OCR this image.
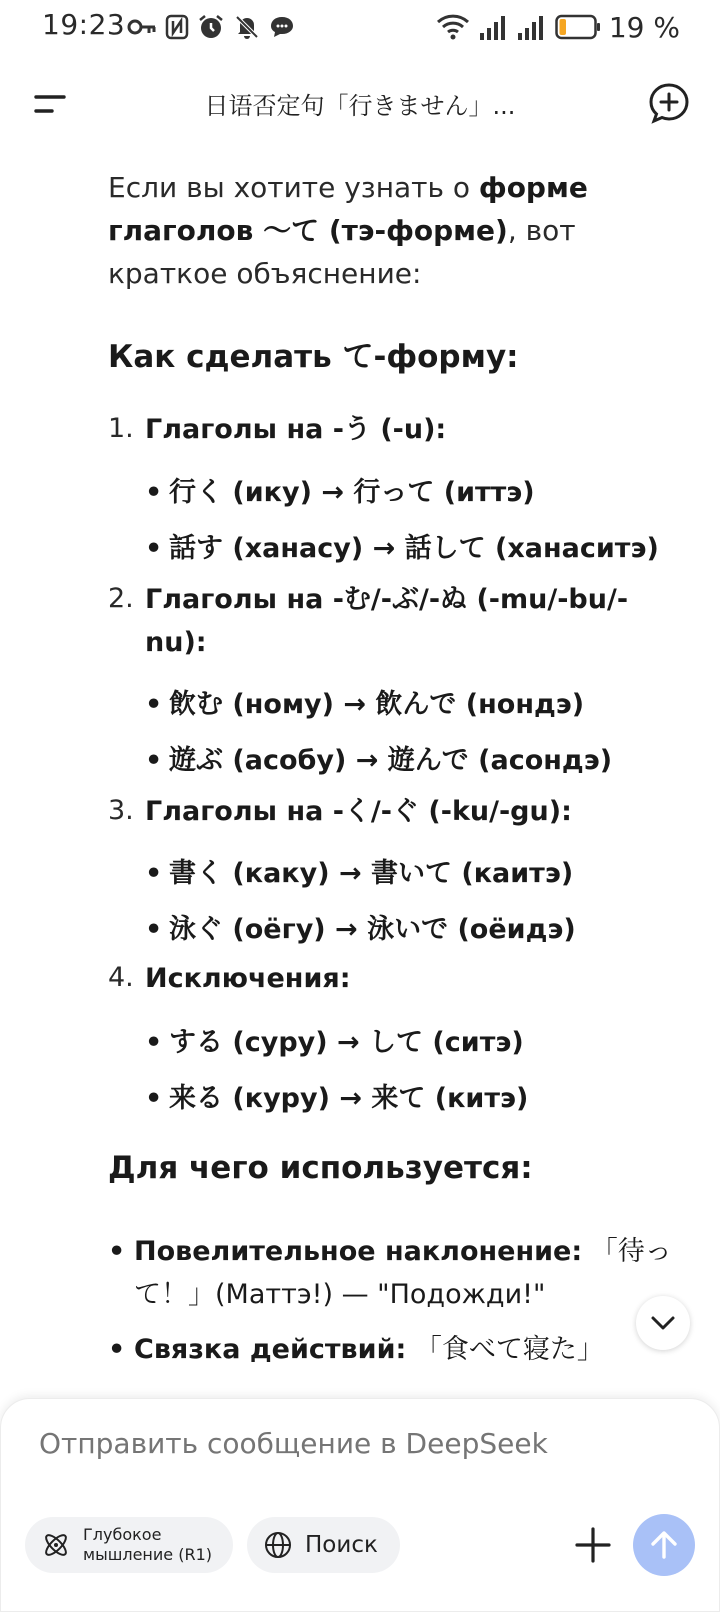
19:23	19 %
日语否定句「行きません」...
Если вы хотите узнать о форме глаголов 〜て (тэ-форме), вот краткое объяснение:
Как сделать て-форму:
1. Глаголы на -う (-u):
• 行く (ику) → 行って (иттэ)
• 話す (ханасу) → 話して (ханаситэ)
2. Глаголы на -む/-ぶ/-ぬ (-mu/-bu/-nu):
• 飲む (ному) → 飲んで (нондэ)
• 遊ぶ (асобу) → 遊んで (асондэ)
3. Глаголы на -く/-ぐ (-ku/-gu):
• 書く (каку) → 書いて (каитэ)
• 泳ぐ (оёгу) → 泳いで (оёидэ)
4. Исключения:
• する (суру) → して (ситэ)
• 来る (куру) → 来て (китэ)
Для чего используется:
• Повелительное наклонение: 「待って！」(Маттэ!) — "Подожди!"
• Связка действий: 「食べて寝た」
Отправить сообщение в DeepSeek
Глубокое мышление (R1)	Поиск
